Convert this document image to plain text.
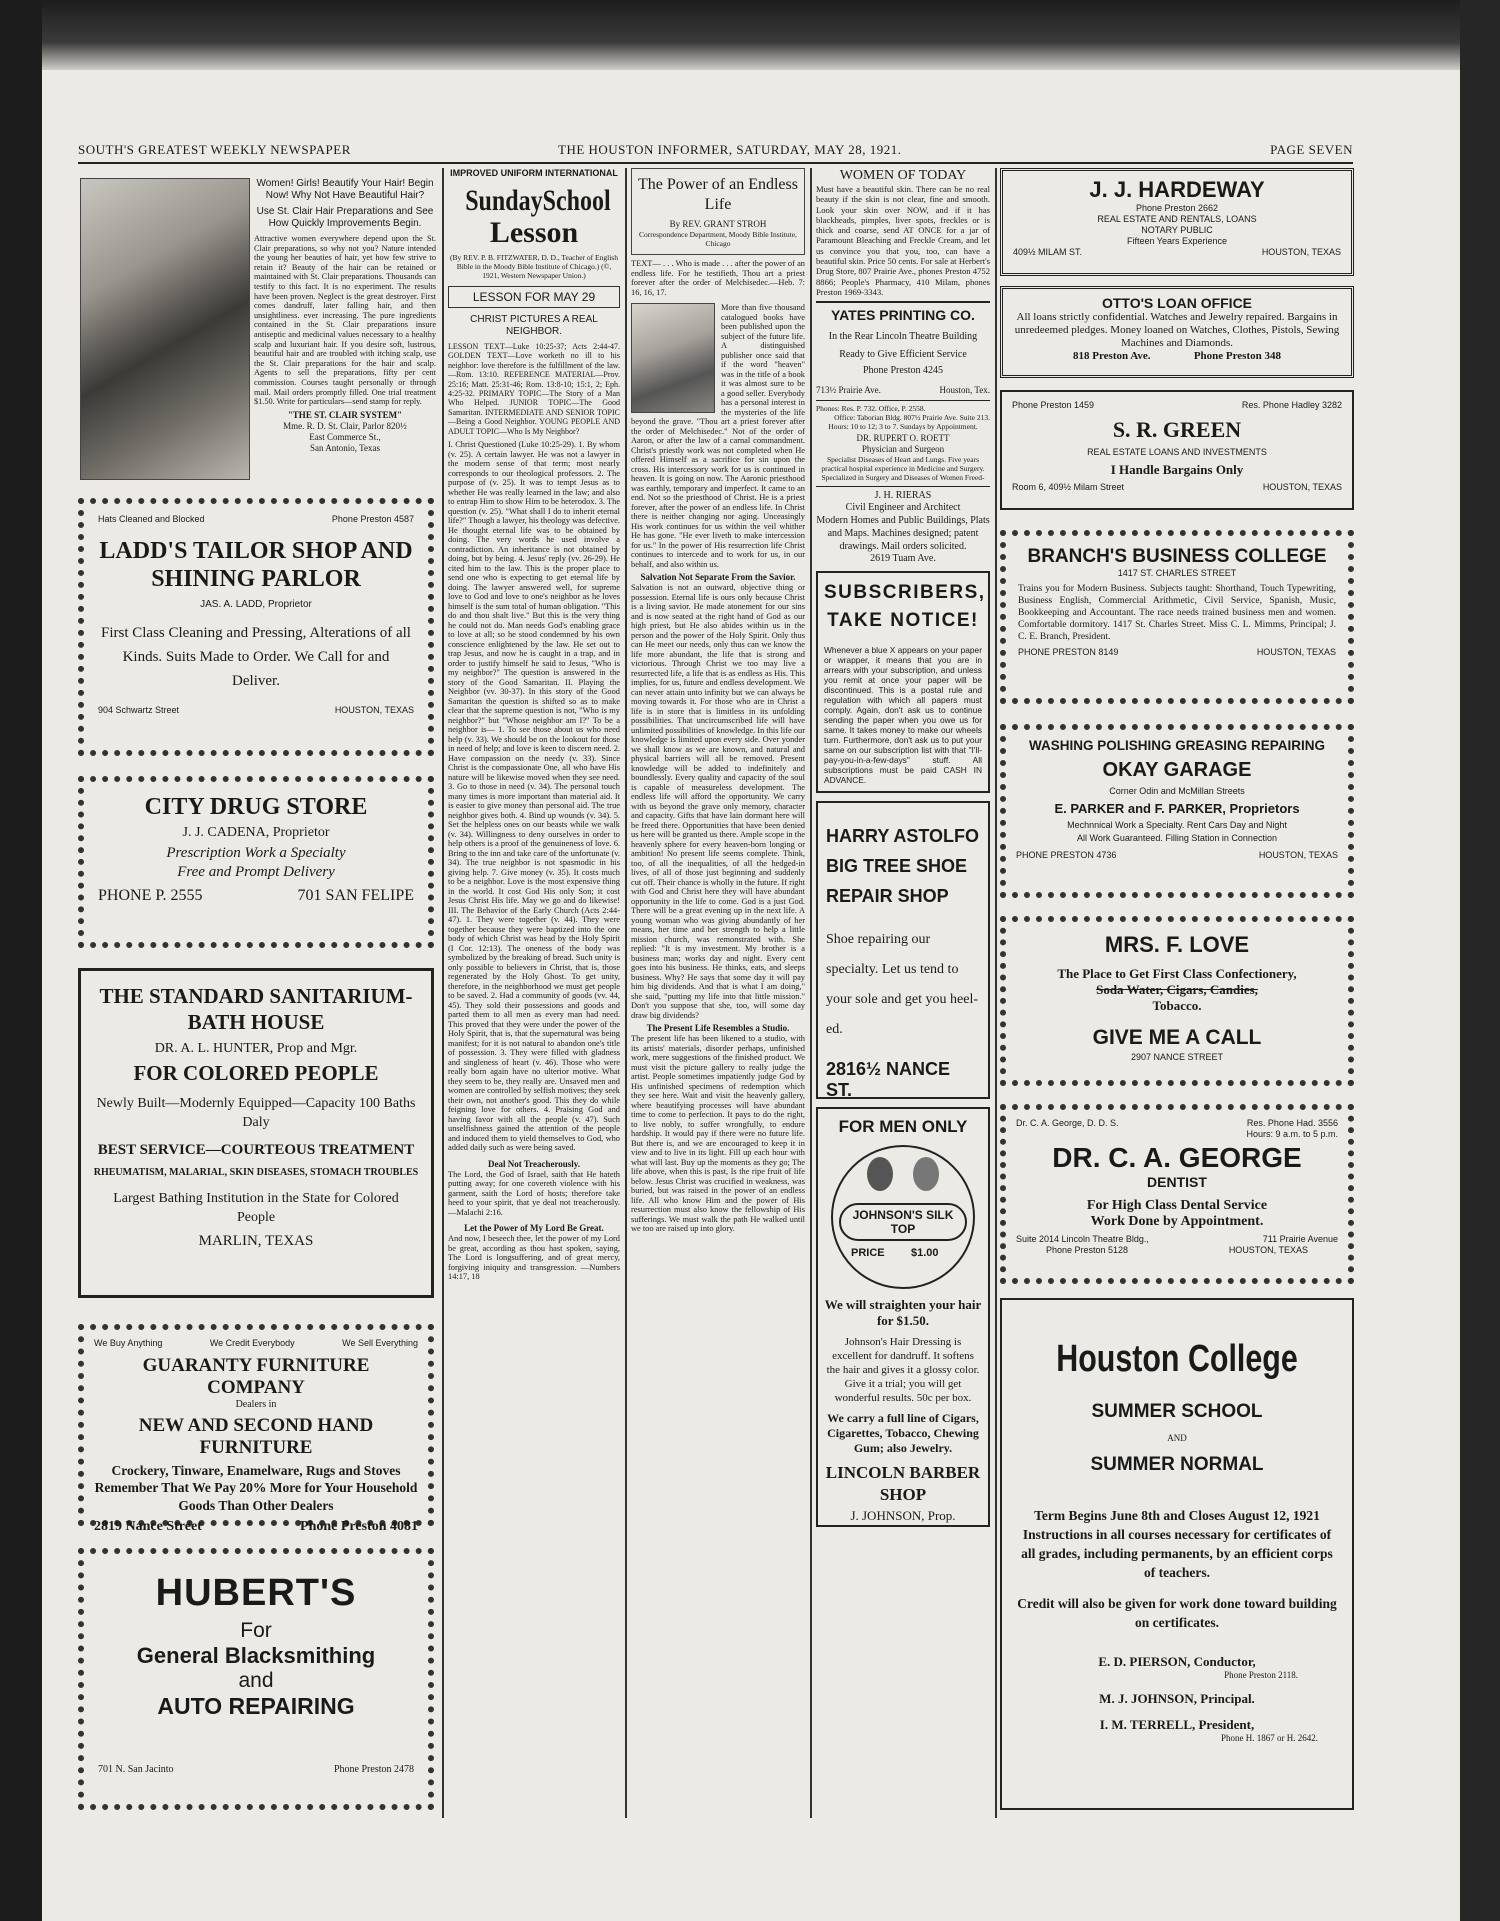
SOUTH'S GREATEST WEEKLY NEWSPAPER	THE HOUSTON INFORMER, SATURDAY, MAY 28, 1921.	PAGE SEVEN
Women! Girls! Beautify Your Hair! Begin Now! Why Not Have Beautiful Hair?
Use St. Clair Hair Preparations and See How Quickly Improvements Begin.
Attractive women everywhere depend upon the St. Clair preparations, so why not you? Nature intended the young her beauties of hair, yet how few strive to retain it? Beauty of the hair can be retained or maintained with St. Clair preparations. Thousands can testify to this fact. It is no experiment. The results have been proven. Neglect is the great destroyer. First comes dandruff, later falling hair, and then unsightliness. ever increasing. The pure ingredients contained in the St. Clair preparations insure antiseptic and medicinal values necessary to a healthy scalp and luxuriant hair. If you desire soft, lustrous, beautiful hair and are troubled with itching scalp, use the St. Clair preparations for the hair and scalp. Agents to sell the preparations, fifty per cent commission. Courses taught personally or through mail. Mail orders promptly filled. One trial treatment $1.50. Write for particulars—send stamp for reply.
"THE ST. CLAIR SYSTEM"
Mme. R. D. St. Clair, Parlor 820½
East Commerce St.,
San Antonio, Texas
Hats Cleaned and Blocked	Phone Preston 4587
LADD'S TAILOR SHOP AND SHINING PARLOR
JAS. A. LADD, Proprietor
First Class Cleaning and Pressing, Alterations of all Kinds. Suits Made to Order. We Call for and Deliver.
904 Schwartz Street	HOUSTON, TEXAS
CITY DRUG STORE
J. J. CADENA, Proprietor
Prescription Work a Specialty
Free and Prompt Delivery
PHONE P. 2555	701 SAN FELIPE
THE STANDARD SANITARIUM-BATH HOUSE
DR. A. L. HUNTER, Prop and Mgr.
FOR COLORED PEOPLE
Newly Built—Modernly Equipped—Capacity 100 Baths Daly
BEST SERVICE—COURTEOUS TREATMENT
RHEUMATISM, MALARIAL, SKIN DISEASES, STOMACH TROUBLES
Largest Bathing Institution in the State for Colored People
MARLIN, TEXAS
We Buy Anything	We Credit Everybody	We Sell Everything
GUARANTY FURNITURE COMPANY
Dealers in
NEW AND SECOND HAND FURNITURE
Crockery, Tinware, Enamelware, Rugs and Stoves
Remember That We Pay 20% More for Your Household Goods Than Other Dealers
2819 Nance Street	Phone Preston 4081
HUBERT'S
For
General Blacksmithing
and
AUTO REPAIRING
701 N. San Jacinto	Phone Preston 2478
IMPROVED UNIFORM INTERNATIONAL
SundaySchool
Lesson
(By REV. P. B. FITZWATER, D. D., Teacher of English Bible in the Moody Bible Institute of Chicago.) (©, 1921, Western Newspaper Union.)
LESSON FOR MAY 29
CHRIST PICTURES A REAL NEIGHBOR.
LESSON TEXT—Luke 10:25-37; Acts 2:44-47. GOLDEN TEXT—Love worketh no ill to his neighbor: love therefore is the fulfillment of the law.—Rom. 13:10. REFERENCE MATERIAL—Prov. 25:16; Matt. 25:31-46; Rom. 13:8-10; 15:1, 2; Eph. 4:25-32. PRIMARY TOPIC—The Story of a Man Who Helped. JUNIOR TOPIC—The Good Samaritan. INTERMEDIATE AND SENIOR TOPIC—Being a Good Neighbor. YOUNG PEOPLE AND ADULT TOPIC—Who Is My Neighbor?
I. Christ Questioned (Luke 10:25-29). 1. By whom (v. 25). A certain lawyer. He was not a lawyer in the modern sense of that term; most nearly corresponds to our theological professors. 2. The purpose of (v. 25). It was to tempt Jesus as to whether He was really learned in the law; and also to entrap Him to show Him to be heterodox. 3. The question (v. 25). "What shall I do to inherit eternal life?" Though a lawyer, his theology was defective. He thought eternal life was to be obtained by doing. The very words he used involve a contradiction. An inheritance is not obtained by doing, but by being. 4. Jesus' reply (vv. 26-29). He cited him to the law. This is the proper place to send one who is expecting to get eternal life by doing. The lawyer answered well, for supreme love to God and love to one's neighbor as he loves himself is the sum total of human obligation. "This do and thou shalt live." But this is the very thing he could not do. Man needs God's enabling grace to love at all; so he stood condemned by his own conscience enlightened by the law. He set out to trap Jesus, and now he is caught in a trap, and in order to justify himself he said to Jesus, "Who is my neighbor?" The question is answered in the story of the Good Samaritan. II. Playing the Neighbor (vv. 30-37). In this story of the Good Samaritan the question is shifted so as to make clear that the supreme question is not, "Who is my neighbor?" but "Whose neighbor am I?" To be a neighbor is— 1. To see those about us who need help (v. 33). We should be on the lookout for those in need of help; and love is keen to discern need. 2. Have compassion on the needy (v. 33). Since Christ is the compassionate One, all who have His nature will be likewise moved when they see need. 3. Go to those in need (v. 34). The personal touch many times is more important than material aid. It is easier to give money than personal aid. The true neighbor gives both. 4. Bind up wounds (v. 34). 5. Set the helpless ones on our beasts while we walk (v. 34). Willingness to deny ourselves in order to help others is a proof of the genuineness of love. 6. Bring to the inn and take care of the unfortunate (v. 34). The true neighbor is not spasmodic in his giving help. 7. Give money (v. 35). It costs much to be a neighbor. Love is the most expensive thing in the world. It cost God His only Son; it cost Jesus Christ His life. May we go and do likewise! III. The Behavior of the Early Church (Acts 2:44-47). 1. They were together (v. 44). They were together because they were baptized into the one body of which Christ was head by the Holy Spirit (I Cor. 12:13). The oneness of the body was symbolized by the breaking of bread. Such unity is only possible to believers in Christ, that is, those regenerated by the Holy Ghost. To get unity, therefore, in the neighborhood we must get people to be saved. 2. Had a community of goods (vv. 44, 45). They sold their possessions and goods and parted them to all men as every man had need. This proved that they were under the power of the Holy Spirit, that is, that the supernatural was being manifest; for it is not natural to abandon one's title of possession. 3. They were filled with gladness and singleness of heart (v. 46). Those who were really born again have no ulterior motive. What they seem to be, they really are. Unsaved men and women are controlled by selfish motives; they seek their own, not another's good. This they do while feigning love for others. 4. Praising God and having favor with all the people (v. 47). Such unselfishness gained the attention of the people and induced them to yield themselves to God, who added daily such as were being saved.
Deal Not Treacherously.
The Lord, the God of Israel, saith that He hateth putting away; for one covereth violence with his garment, saith the Lord of hosts; therefore take heed to your spirit, that ye deal not treacherously.—Malachi 2:16.
Let the Power of My Lord Be Great.
And now, I beseech thee, let the power of my Lord be great, according as thou hast spoken, saying, The Lord is longsuffering, and of great mercy, forgiving iniquity and transgression. —Numbers 14:17, 18
The Power of an Endless Life
By REV. GRANT STROH
Correspondence Department, Moody Bible Institute, Chicago
TEXT— . . . Who is made . . . after the power of an endless life. For he testifieth, Thou art a priest forever after the order of Melchisedec.—Heb. 7: 16, 16, 17.
More than five thousand catalogued books have been published upon the subject of the future life. A distinguished publisher once said that if the word "heaven" was in the title of a book it was almost sure to be a good seller. Everybody has a personal interest in the mysteries of the life beyond the grave. "Thou art a priest forever after the order of Melchisedec." Not of the order of Aaron, or after the law of a carnal commandment. Christ's priestly work was not completed when He offered Himself as a sacrifice for sin upon the cross. His intercessory work for us is continued in heaven. It is going on now. The Aaronic priesthood was earthly, temporary and imperfect. It came to an end. Not so the priesthood of Christ. He is a priest forever, after the power of an endless life. In Christ there is neither changing nor aging. Unceasingly His work continues for us within the veil whither He has gone. "He ever liveth to make intercession for us." In the power of His resurrection life Christ continues to intercede and to work for us, in our behalf, and also within us.
Salvation Not Separate From the Savior.
Salvation is not an outward, objective thing or possession. Eternal life is ours only because Christ is a living savior. He made atonement for our sins and is now seated at the right hand of God as our high priest, but He also abides within us in the person and the power of the Holy Spirit. Only thus can He meet our needs, only thus can we know the life more abundant, the life that is strong and victorious. Through Christ we too may live a resurrected life, a life that is as endless as His. This implies, for us, future and endless development. We can never attain unto infinity but we can always be moving towards it. For those who are in Christ a life is in store that is limitless in its unfolding possibilities. That uncircumscribed life will have unlimited possibilities of knowledge. In this life our knowledge is limited upon every side. Over yonder we shall know as we are known, and natural and physical barriers will all be removed. Present knowledge will be added to indefinitely and boundlessly. Every quality and capacity of the soul is capable of measureless development. The endless life will afford the opportunity. We carry with us beyond the grave only memory, character and capacity. Gifts that have lain dormant here will be freed there. Opportunities that have been denied us here will be granted us there. Ample scope in the heavenly sphere for every heaven-born longing or ambition! No present life seems complete. Think, too, of all the inequalities, of all the hedged-in lives, of all of those just beginning and suddenly cut off. Their chance is wholly in the future. If right with God and Christ here they will have abundant opportunity in the life to come. God is a just God. There will be a great evening up in the next life. A young woman who was giving abundantly of her means, her time and her strength to help a little mission church, was remonstrated with. She replied: "It is my investment. My brother is a business man; works day and night. Every cent goes into his business. He thinks, eats, and sleeps business. Why? He says that some day it will pay him big dividends. And that is what I am doing," she said, "putting my life into that little mission." Don't you suppose that she, too, will some day draw big dividends?
The Present Life Resembles a Studio.
The present life has been likened to a studio, with its artists' materials, disorder perhaps, unfinished work, mere suggestions of the finished product. We must visit the picture gallery to really judge the artist. People sometimes impatiently judge God by His unfinished specimens of redemption which they see here. Wait and visit the heavenly gallery, where beautifying processes will have abundant time to come to perfection. It pays to do the right, to live nobly, to suffer wrongfully, to endure hardship. It would pay if there were no future life. But there is, and we are encouraged to keep it in view and to live in its light. Fill up each hour with what will last. Buy up the moments as they go; The life above, when this is past, Is the ripe fruit of life below. Jesus Christ was crucified in weakness, was buried, but was raised in the power of an endless life. All who know Him and the power of His resurrection must also know the fellowship of His sufferings. We must walk the path He walked until we too are raised up into glory.
WOMEN OF TODAY
Must have a beautiful skin. There can be no real beauty if the skin is not clear, fine and smooth. Look your skin over NOW, and if it has blackheads, pimples, liver spots, freckles or is thick and coarse, send AT ONCE for a jar of Paramount Bleaching and Freckle Cream, and let us convince you that you, too, can have a beautiful skin. Price 50 cents. For sale at Herbert's Drug Store, 807 Prairie Ave., phones Preston 4752 8866; People's Pharmacy, 410 Milam, phones Preston 1969-3343.
YATES PRINTING CO.
In the Rear Lincoln Theatre Building
Ready to Give Efficient Service
Phone Preston 4245
713½ Prairie Ave.	Houston, Tex.
Phones: Res. P. 732. Office, P. 2558.
Office: Taborian Bldg. 807½ Prairie Ave. Suite 213.
Hours: 10 to 12; 3 to 7. Sundays by Appointment.
DR. RUPERT O. ROETT
Physician and Surgeon
Specialist Diseases of Heart and Lungs. Five years practical hospital experience in Medicine and Surgery. Specialized in Surgery and Diseases of Women Freed-
J. H. RIERAS
Civil Engineer and Architect
Modern Homes and Public Buildings, Plats and Maps. Machines designed; patent drawings. Mail orders solicited.
2619 Tuam Ave.
SUBSCRIBERS, TAKE NOTICE!
Whenever a blue X appears on your paper or wrapper, it means that you are in arrears with your subscription, and unless you remit at once your paper will be discontinued. This is a postal rule and regulation with which all papers must comply. Again, don't ask us to continue sending the paper when you owe us for same. It takes money to make our wheels turn. Furthermore, don't ask us to put your same on our subscription list with that "I'll-pay-you-in-a-few-days" stuff. All subscriptions must be paid CASH IN ADVANCE.
HARRY ASTOLFO BIG TREE SHOE REPAIR SHOP
Shoe repairing our specialty. Let us tend to your sole and get you heel-ed.
2816½ NANCE ST.
FOR MEN ONLY
JOHNSON'S SILK TOP
PRICE $1.00
We will straighten your hair for $1.50.
Johnson's Hair Dressing is excellent for dandruff. It softens the hair and gives it a glossy color. Give it a trial; you will get wonderful results. 50c per box.
We carry a full line of Cigars, Cigarettes, Tobacco, Chewing Gum; also Jewelry.
LINCOLN BARBER SHOP
J. JOHNSON, Prop.
J. J. HARDEWAY
Phone Preston 2662
REAL ESTATE AND RENTALS, LOANS
NOTARY PUBLIC
Fifteen Years Experience
409½ MILAM ST.	HOUSTON, TEXAS
OTTO'S LOAN OFFICE
All loans strictly confidential. Watches and Jewelry repaired. Bargains in unredeemed pledges. Money loaned on Watches, Clothes, Pistols, Sewing Machines and Diamonds.
818 Preston Ave.	Phone Preston 348
Phone Preston 1459	Res. Phone Hadley 3282
S. R. GREEN
REAL ESTATE LOANS AND INVESTMENTS
I Handle Bargains Only
Room 6, 409½ Milam Street	HOUSTON, TEXAS
BRANCH'S BUSINESS COLLEGE
1417 ST. CHARLES STREET
Trains you for Modern Business. Subjects taught: Shorthand, Touch Typewriting, Business English, Commercial Arithmetic, Civil Service, Spanish, Music, Bookkeeping and Accountant. The race needs trained business men and women. Comfortable dormitory. 1417 St. Charles Street. Miss C. L. Mimms, Principal; J. C. E. Branch, President.
PHONE PRESTON 8149	HOUSTON, TEXAS
WASHING POLISHING GREASING REPAIRING
OKAY GARAGE
Corner Odin and McMillan Streets
E. PARKER and F. PARKER, Proprietors
Mechnnical Work a Specialty. Rent Cars Day and Night
All Work Guaranteed. Filling Station in Connection
PHONE PRESTON 4736	HOUSTON, TEXAS
MRS. F. LOVE
The Place to Get First Class Confectionery,
Soda Water, Cigars, Candies,
Tobacco.
GIVE ME A CALL
2907 NANCE STREET
Dr. C. A. George, D. D. S.	Res. Phone Had. 3556
Hours: 9 a.m. to 5 p.m.
DR. C. A. GEORGE
DENTIST
For High Class Dental Service
Work Done by Appointment.
Suite 2014 Lincoln Theatre Bldg.,	711 Prairie Avenue
Phone Preston 5128	HOUSTON, TEXAS
Houston College
SUMMER SCHOOL
AND
SUMMER NORMAL
Term Begins June 8th and Closes August 12, 1921 Instructions in all courses necessary for certificates of all grades, including permanents, by an efficient corps of teachers.
Credit will also be given for work done toward building on certificates.
E. D. PIERSON, Conductor,
Phone Preston 2118.
M. J. JOHNSON, Principal.
I. M. TERRELL, President,
Phone H. 1867 or H. 2642.
